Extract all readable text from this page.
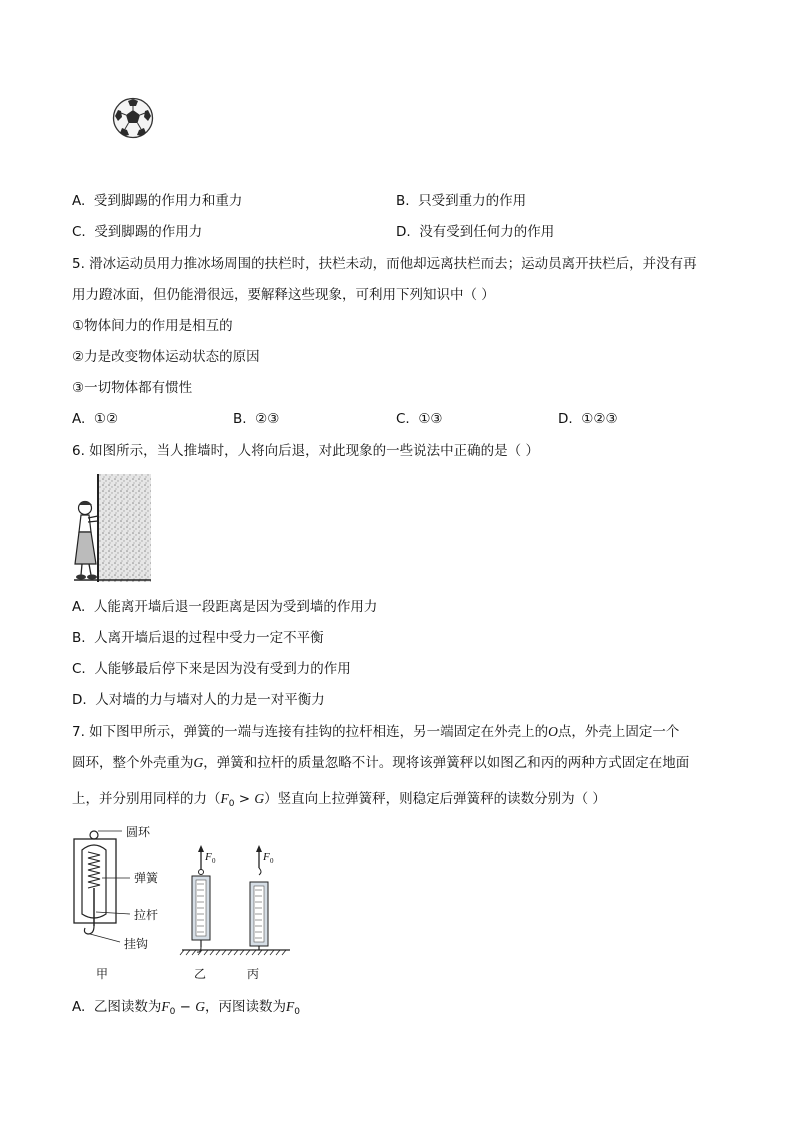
A. 受到脚踢的作用力和重力	B. 只受到重力的作用
C. 受到脚踢的作用力	D. 没有受到任何力的作用
5. 滑冰运动员用力推冰场周围的扶栏时，扶栏未动，而他却远离扶栏而去；运动员离开扶栏后，并没有再
用力蹬冰面，但仍能滑很远，要解释这些现象，可利用下列知识中（ ）
①物体间力的作用是相互的
②力是改变物体运动状态的原因
③一切物体都有惯性
A. ①②	B. ②③	C. ①③	D. ①②③
6. 如图所示，当人推墙时，人将向后退，对此现象的一些说法中正确的是（ ）
A. 人能离开墙后退一段距离是因为受到墙的作用力
B. 人离开墙后退的过程中受力一定不平衡
C. 人能够最后停下来是因为没有受到力的作用
D. 人对墙的力与墙对人的力是一对平衡力
7. 如下图甲所示，弹簧的一端与连接有挂钩的拉杆相连，另一端固定在外壳上的O点，外壳上固定一个
圆环，整个外壳重为G，弹簧和拉杆的质量忽略不计。现将该弹簧秤以如图乙和丙的两种方式固定在地面
上，并分别用同样的力$(F_0 > G)$竖直向上拉弹簧秤，则稳定后弹簧秤的读数分别为（ ）
圆环
弹簧
拉杆
挂钩
甲	乙	丙
F 0	F 0
A. 乙图读数为$F_0 - G$，丙图读数为$F_0$
